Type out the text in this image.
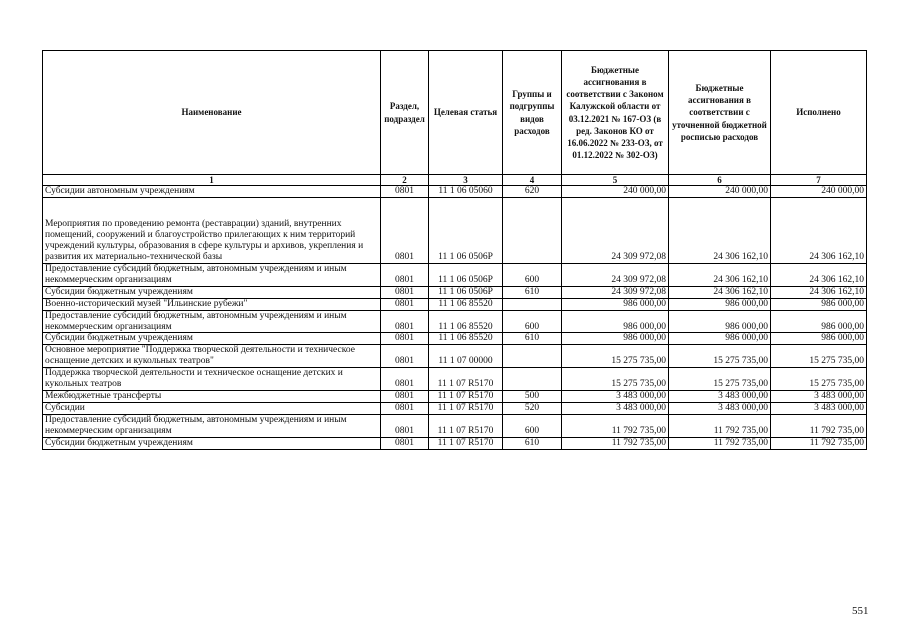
Наименование	Раздел, подраздел	Целевая статья	Группы и подгруппы видов расходов	Бюджетные ассигнования в соответствии с Законом Калужской области от 03.12.2021 № 167-ОЗ (в ред. Законов КО от 16.06.2022 № 233-ОЗ, от 01.12.2022 № 302-ОЗ)	Бюджетные ассигнования в соответствии с уточненной бюджетной росписью расходов	Исполнено
1	2	3	4	5	6	7
Субсидии автономным учреждениям	0801	11 1 06 05060	620	240 000,00	240 000,00	240 000,00
Мероприятия по проведению ремонта (реставрации) зданий, внутренних помещений, сооружений и благоустройство прилегающих к ним территорий учреждений культуры, образования в сфере культуры и архивов, укрепления и развития их материально-технической базы	0801	11 1 06 0506Р		24 309 972,08	24 306 162,10	24 306 162,10
Предоставление субсидий бюджетным, автономным учреждениям и иным некоммерческим организациям	0801	11 1 06 0506Р	600	24 309 972,08	24 306 162,10	24 306 162,10
Субсидии бюджетным учреждениям	0801	11 1 06 0506Р	610	24 309 972,08	24 306 162,10	24 306 162,10
Военно-исторический музей "Ильинские рубежи"	0801	11 1 06 85520		986 000,00	986 000,00	986 000,00
Предоставление субсидий бюджетным, автономным учреждениям и иным некоммерческим организациям	0801	11 1 06 85520	600	986 000,00	986 000,00	986 000,00
Субсидии бюджетным учреждениям	0801	11 1 06 85520	610	986 000,00	986 000,00	986 000,00
Основное мероприятие "Поддержка творческой деятельности и техническое оснащение детских и кукольных театров"	0801	11 1 07 00000		15 275 735,00	15 275 735,00	15 275 735,00
Поддержка творческой деятельности и техническое оснащение детских и кукольных театров	0801	11 1 07 R5170		15 275 735,00	15 275 735,00	15 275 735,00
Межбюджетные трансферты	0801	11 1 07 R5170	500	3 483 000,00	3 483 000,00	3 483 000,00
Субсидии	0801	11 1 07 R5170	520	3 483 000,00	3 483 000,00	3 483 000,00
Предоставление субсидий бюджетным, автономным учреждениям и иным некоммерческим организациям	0801	11 1 07 R5170	600	11 792 735,00	11 792 735,00	11 792 735,00
Субсидии бюджетным учреждениям	0801	11 1 07 R5170	610	11 792 735,00	11 792 735,00	11 792 735,00
551
